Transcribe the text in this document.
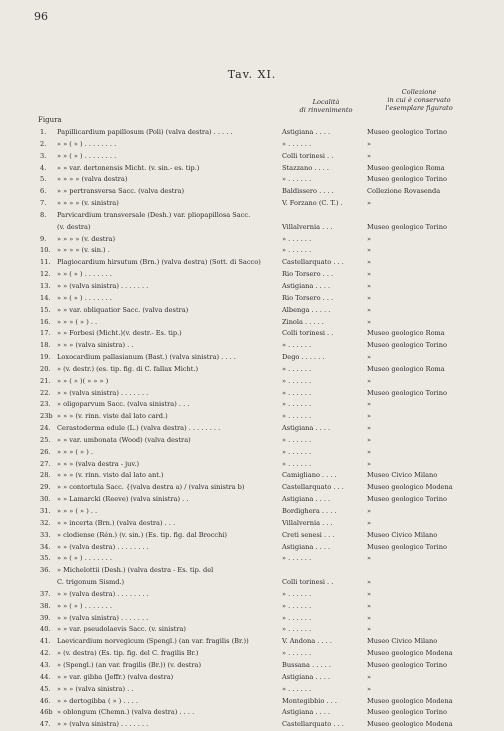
96
Tav. XI.
Figura
Località
di rinvenimento
Collezione
in cui è conservato
l'esemplare figurato
1.	Papillicardium papillosum (Poli) (valva destra) . . . . .	Astigiana . . . .	Museo geologico Torino
2.	» » ( » ) . . . . . . . .	» . . . . . .	»
3.	» » ( » ) . . . . . . . .	Colli torinesi . .	»
4.	» » var. dertonensis Micht. (v. sin.- es. tip.)	Stazzano . . . .	Museo geologico Roma
5.	» » » » (valva destra)	» . . . . . .	Museo geologico Torino
6.	» » pertransversa Sacc. (valva destra)	Baldissero . . . .	Collezione Rovasenda
7.	» » » » (v. sinistra)	V. Forzano (C. T.) .	»
8.	Parvicardium transversale (Desh.) var. pliopapillosa Sacc.
(v. destra)	Villalvernia . . .	Museo geologico Torino
9.	» » » » (v. destra)	» . . . . . .	»
10. » » » » (v. sin.) .	» . . . . . .	»
11. Plagiocardium hirsutum (Brn.) (valva destra) (Sott. di Sacco)	Castellarquato . . .	»
12. » » ( » ) . . . . . . .	Rio Torsero . . .	»
13. » » (valva sinistra) . . . . . . .	Astigiana . . . .	»
14. » » ( » ) . . . . . . .	Rio Torsero . . .	»
15. » » var. obliquatior Sacc. (valva destra)	Albenga . . . . .	»
16. » » » ( » ) . .	Zinola . . . . .	»
17. » » Forbesi (Micht.)(v. destr.- Es. tip.)	Colli torinesi . .	Museo geologico Roma
18. » » » (valva sinistra) . .	» . . . . . .	Museo geologico Torino
19. Loxocardium pallasianum (Bast.) (valva sinistra) . . . .	Dego . . . . . .	»
20. » (v. destr.) (es. tip. fig. di C. fallax Micht.)	» . . . . . .	Museo geologico Roma
21. » » ( » )( » » » )	» . . . . . .	»
22. » » (valva sinistra) . . . . . . .	» . . . . . .	Museo geologico Torino
23. » oligoparvum Sacc. (valva sinistra) . . .	» . . . . . .	»
23b » » » (v. rinn. viste dal lato card.)	» . . . . . .	»
24. Cerastoderma edule (L.) (valva destra) . . . . . . . .	Astigiana . . . .	»
25. » » var. umbonata (Wood) (valva destra)	» . . . . . .	»
26. » » » ( » ) .	» . . . . . .	»
27. » » » (valva destra - juv.)	» . . . . . .	»
28. » » » (v. rinn. visto dal lato ant.)	Camigliano . . . .	Museo Civico Milano
29. » » contortula Sacc. {(valva destra a) / (valva sinistra b)	Castellarquato . . .	Museo geologico Modena
30. » » Lamarcki (Reeve) (valva sinistra) . .	Astigiana . . . .	Museo geologico Torino
31. » » » ( » ) . .	Bordighera . . . .	»
32. » » incerta (Brn.) (valva destra) . . .	Villalvernia . . .	»
33. » clodiense (Rén.) (v. sin.) (Es. tip. fig. dal Brocchi)	Creti senesi . . .	Museo Civico Milano
34. » » (valva destra) . . . . . . . .	Astigiana . . . .	Museo geologico Torino
35. » » ( » ) . . . . . . .	» . . . . . .	»
36. » Michelottii (Desh.) (valva destra - Es. tip. del
C. trigonum Sismd.)	Colli torinesi . .	»
37. » » (valva destra) . . . . . . . .	» . . . . . .	»
38. » » ( » ) . . . . . . .	» . . . . . .	»
39. » » (valva sinistra) . . . . . . .	» . . . . . .	»
40. » » var. pseudolaevis Sacc. (v. sinistra)	» . . . . . .	»
41. Laevicardium norvegicum (Spengl.) (an var. fragilis (Br.))	V. Andona . . . .	Museo Civico Milano
42. » (v. destra) (Es. tip. fig. del C. fragilis Br.)	» . . . . . .	Museo geologico Modena
43. » (Spengl.) (an var. fragilis (Br.)) (v. destra)	Bussana . . . . .	Museo geologico Torino
44. » » var. gibba (Jeffr.) (valva destra)	Astigiana . . . .	»
45. » » » (valva sinistra) . .	» . . . . . .	»
46. » » dertogibba ( » ) . . . .	Montegibbio . . .	Museo geologico Modena
46b » oblongum (Chemn.) (valva destra) . . . .	Astigiana . . . .	Museo geologico Torino
47. » » (valva sinistra) . . . . . . .	Castellarquato . . .	Museo geologico Modena
